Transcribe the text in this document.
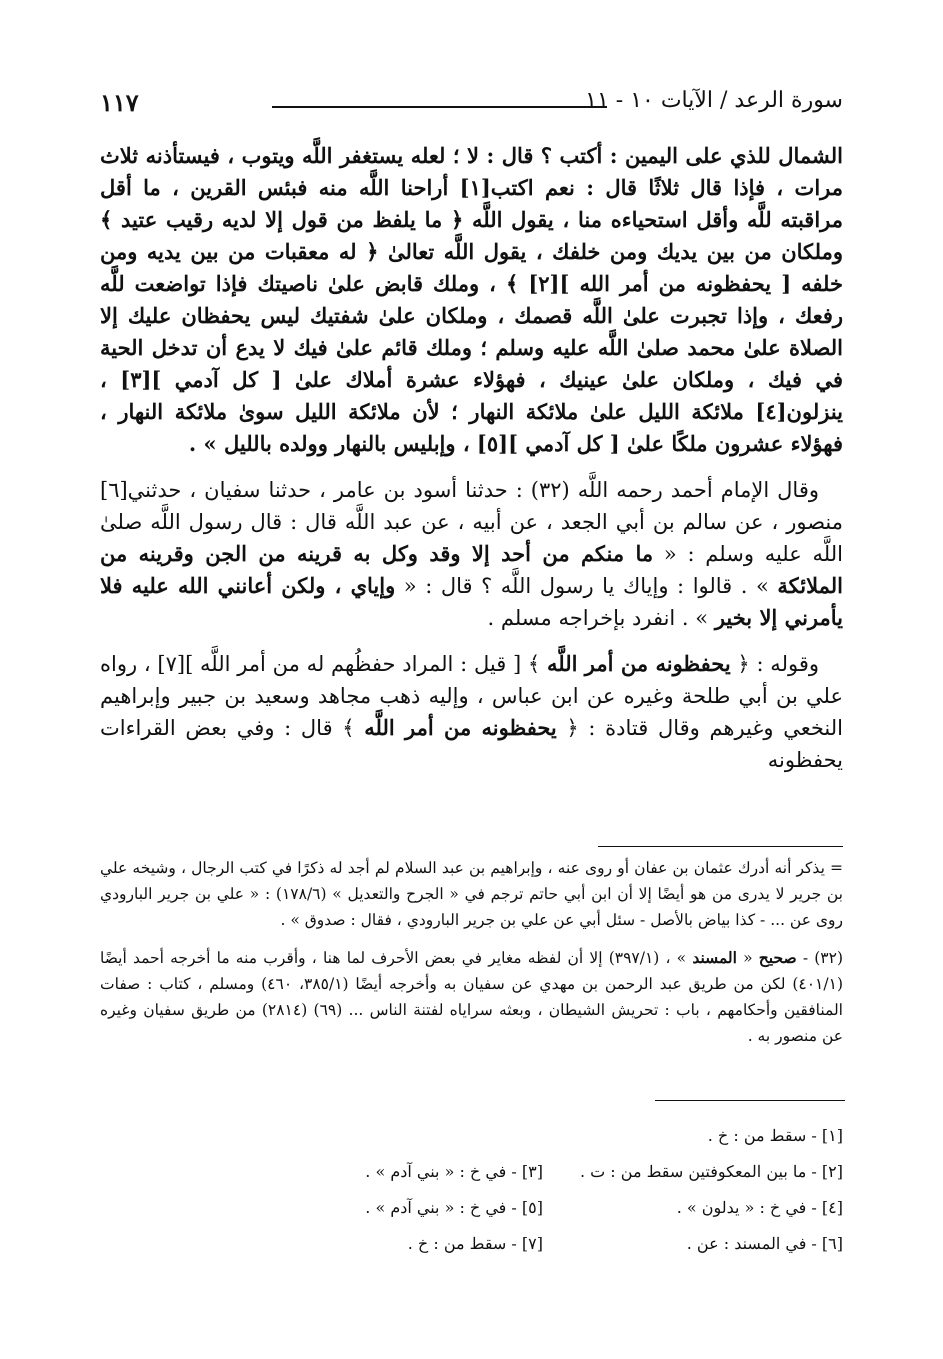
١١٧	سورة الرعد / الآيات ١٠ - ١١

الشمال للذي على اليمين : أكتب ؟ قال : لا ؛ لعله يستغفر اللَّه ويتوب ، فيستأذنه ثلاث مرات ، فإذا قال ثلاثًا قال : نعم اكتب[١] أراحنا اللَّه منه فبئس القرين ، ما أقل مراقبته للَّه وأقل استحياءه منا ، يقول اللَّه ﴿ ما يلفظ من قول إلا لديه رقيب عتيد ﴾ وملكان من بين يديك ومن خلفك ، يقول اللَّه تعالىٰ ﴿ له معقبات من بين يديه ومن خلفه [ يحفظونه من أمر الله ][٢] ﴾ ، وملك قابض علىٰ ناصيتك فإذا تواضعت للَّه رفعك ، وإذا تجبرت علىٰ اللَّه قصمك ، وملكان علىٰ شفتيك ليس يحفظان عليك إلا الصلاة علىٰ محمد صلىٰ اللَّه عليه وسلم ؛ وملك قائم علىٰ فيك لا يدع أن تدخل الحية في فيك ، وملكان علىٰ عينيك ، فهؤلاء عشرة أملاك علىٰ [ كل آدمي ][٣] ، ينزلون[٤] ملائكة الليل علىٰ ملائكة النهار ؛ لأن ملائكة الليل سوىٰ ملائكة النهار ، فهؤلاء عشرون ملكًا علىٰ [ كل آدمي ][٥] ، وإبليس بالنهار وولده بالليل » .

وقال الإمام أحمد رحمه اللَّه (٣٢) : حدثنا أسود بن عامر ، حدثنا سفيان ، حدثني[٦] منصور ، عن سالم بن أبي الجعد ، عن أبيه ، عن عبد اللَّه قال : قال رسول اللَّه صلىٰ اللَّه عليه وسلم : « ما منكم من أحد إلا وقد وكل به قرينه من الجن وقرينه من الملائكة » . قالوا : وإياك يا رسول اللَّه ؟ قال : « وإياي ، ولكن أعانني الله عليه فلا يأمرني إلا بخير » . انفرد بإخراجه مسلم .

وقوله : ﴿ يحفظونه من أمر اللَّه ﴾ [ قيل : المراد حفظُهم له من أمر اللَّه ][٧] ، رواه علي بن أبي طلحة وغيره عن ابن عباس ، وإليه ذهب مجاهد وسعيد بن جبير وإبراهيم النخعي وغيرهم وقال قتادة : ﴿ يحفظونه من أمر اللَّه ﴾ قال : وفي بعض القراءات يحفظونه

= يذكر أنه أدرك عثمان بن عفان أو روى عنه ، وإبراهيم بن عبد السلام لم أجد له ذكرًا في كتب الرجال ، وشيخه علي بن جرير لا يدرى من هو أيضًا إلا أن ابن أبي حاتم ترجم في « الجرح والتعديل » (١٧٨/٦) : « علي بن جرير البارودي روى عن ... - كذا بياض بالأصل - سئل أبي عن علي بن جرير البارودي ، فقال : صدوق » .

(٣٢) - صحيح « المسند » ، (٣٩٧/١) إلا أن لفظه مغاير في بعض الأحرف لما هنا ، وأقرب منه ما أخرجه أحمد أيضًا (٤٠١/١) لكن من طريق عبد الرحمن بن مهدي عن سفيان به وأخرجه أيضًا (٣٨٥/١، ٤٦٠) ومسلم ، كتاب : صفات المنافقين وأحكامهم ، باب : تحريش الشيطان ، وبعثه سراياه لفتنة الناس ... (٦٩) (٢٨١٤) من طريق سفيان وغيره عن منصور به .

[١] - سقط من : خ .
[٢] - ما بين المعكوفتين سقط من : ت .
[٣] - في خ : « بني آدم » .
[٤] - في خ : « يدلون » .
[٥] - في خ : « بني آدم » .
[٦] - في المسند : عن .
[٧] - سقط من : خ .
